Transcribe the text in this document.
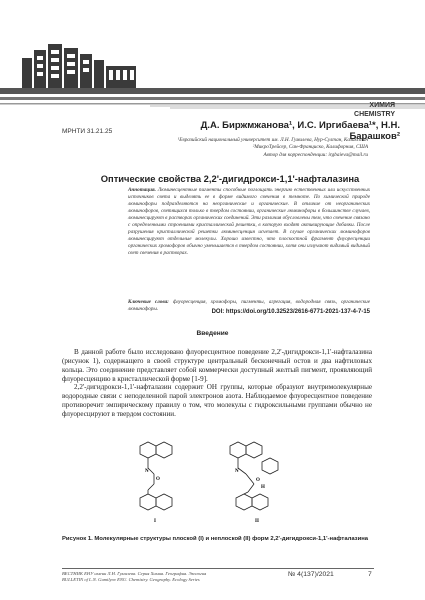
ХИМИЯ
CHEMISTRY
МРНТИ 31.21.25
Д.А. Биржмжанова¹, И.С. Иргибаева¹*, Н.Н. Барашков²
¹Евразийский национальный университет им. Л.Н. Гумилева, Нур-Султан, Казахстан
²МикроТрейсер, Сан-Франциско, Калифорния, США
Автор для корреспонденции: irgbaieva@mail.ru
Оптические свойства 2,2'-дигидрокси-1,1'-нафталазина
Аннотация. Люминесцентные пигменты способные поглощать энергию естественных или искусственных источников света и выделять ее в форме видимого свечения в темноте. По химической природе люминофоры подразделяются на неорганические и органические. В отличие от неорганических люминофоров, светящихся только в твердом состоянии, органические люминофоры в большинстве случаев, люминесцируют в растворах органических соединений. Эти различия обусловлены тем, что свечение связано с определенными строениями кристаллической решетки, в которую входят активирующие добавки. После разрушения кристаллической решетки люминесценция исчезает. В случае органических люминофоров люминесцируют отдельные молекулы. Хорошо известно, что плоскостной фрагмент флуоресценции органических хромофоров обычно уменьшается в твердом состоянии, хотя они излучают видимый видимый свет свечения в растворах.
Ключевые слова: флуоресценция, хромофоры, пигменты, агрегация, водородная связь, органические люминофоры.	DOI: https://doi.org/10.32523/2616-6771-2021-137-4-7-15
Введение
В данной работе было исследовано флуоресцентное поведение 2,2'-дигидрокси-1,1'-нафталазина (рисунок 1), содержащего в своей структуре центральный бесконечный остов и два нафтиловых кольца. Это соединение представляет собой коммерчески доступный желтый пигмент, проявляющий флуоресценцию в кристаллической форме [1-9].
2,2'-дигидрокси-1,1'-нафталазин содержит ОН группы, которые образуют внутримолекулярные водородные связи с неподеленной парой электронов азота. Наблюдаемое флуоресцентное поведение противоречит эмпирическому правилу о том, что молекулы с гидроксильными группами обычно не флуоресцируют в твердом состоянии.
N
O
N
O
H
I	II
Рисунок 1. Молекулярные структуры плоской (I) и неплоской (II) форм 2,2'-дигидрокси-1,1'-нафталазина
ВЕСТНИК ЕНУ имени Л.Н. Гумилева. Серия Химия. География. Экология
BULLETIN of L.N. Gumilyov ENU. Chemistry. Geography. Ecology Series
№ 4(137)/2021	7
